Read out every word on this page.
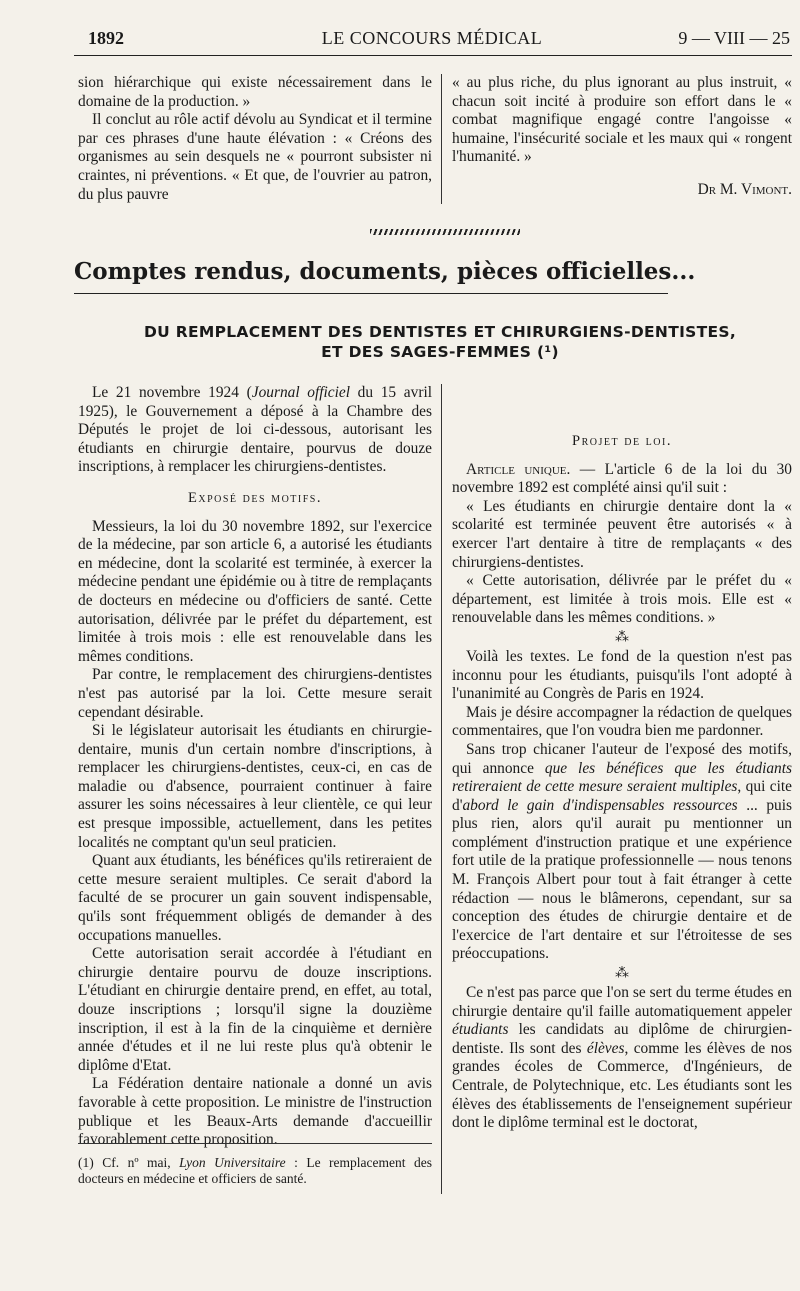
1892	LE CONCOURS MÉDICAL	9 — VIII — 25

sion hiérarchique qui existe nécessairement dans le domaine de la production. »

Il conclut au rôle actif dévolu au Syndicat et il termine par ces phrases d'une haute élévation : « Créons des organismes au sein desquels ne « pourront subsister ni craintes, ni préventions. « Et que, de l'ouvrier au patron, du plus pauvre

« au plus riche, du plus ignorant au plus instruit, « chacun soit incité à produire son effort dans le « combat magnifique engagé contre l'angoisse « humaine, l'insécurité sociale et les maux qui « rongent l'humanité. »

Dr M. Vimont.

Comptes rendus, documents, pièces officielles...
DU REMPLACEMENT DES DENTISTES ET CHIRURGIENS-DENTISTES,
ET DES SAGES-FEMMES (¹)

Le 21 novembre 1924 (Journal officiel du 15 avril 1925), le Gouvernement a déposé à la Chambre des Députés le projet de loi ci-dessous, autorisant les étudiants en chirurgie dentaire, pourvus de douze inscriptions, à remplacer les chirurgiens-dentistes.

Exposé des motifs.

Messieurs, la loi du 30 novembre 1892, sur l'exercice de la médecine, par son article 6, a autorisé les étudiants en médecine, dont la scolarité est terminée, à exercer la médecine pendant une épidémie ou à titre de remplaçants de docteurs en médecine ou d'officiers de santé. Cette autorisation, délivrée par le préfet du département, est limitée à trois mois : elle est renouvelable dans les mêmes conditions.

Par contre, le remplacement des chirurgiens-dentistes n'est pas autorisé par la loi. Cette mesure serait cependant désirable.

Si le législateur autorisait les étudiants en chirurgie-dentaire, munis d'un certain nombre d'inscriptions, à remplacer les chirurgiens-dentistes, ceux-ci, en cas de maladie ou d'absence, pourraient continuer à faire assurer les soins nécessaires à leur clientèle, ce qui leur est presque impossible, actuellement, dans les petites localités ne comptant qu'un seul praticien.

Quant aux étudiants, les bénéfices qu'ils retireraient de cette mesure seraient multiples. Ce serait d'abord la faculté de se procurer un gain souvent indispensable, qu'ils sont fréquemment obligés de demander à des occupations manuelles.

Cette autorisation serait accordée à l'étudiant en chirurgie dentaire pourvu de douze inscriptions. L'étudiant en chirurgie dentaire prend, en effet, au total, douze inscriptions ; lorsqu'il signe la douzième inscription, il est à la fin de la cinquième et dernière année d'études et il ne lui reste plus qu'à obtenir le diplôme d'Etat.

La Fédération dentaire nationale a donné un avis favorable à cette proposition. Le ministre de l'instruction publique et les Beaux-Arts demande d'accueillir favorablement cette proposition.

Projet de loi.

Article unique. — L'article 6 de la loi du 30 novembre 1892 est complété ainsi qu'il suit :

« Les étudiants en chirurgie dentaire dont la « scolarité est terminée peuvent être autorisés « à exercer l'art dentaire à titre de remplaçants « des chirurgiens-dentistes.

« Cette autorisation, délivrée par le préfet du « département, est limitée à trois mois. Elle est « renouvelable dans les mêmes conditions. »

⁂

Voilà les textes. Le fond de la question n'est pas inconnu pour les étudiants, puisqu'ils l'ont adopté à l'unanimité au Congrès de Paris en 1924.

Mais je désire accompagner la rédaction de quelques commentaires, que l'on voudra bien me pardonner.

Sans trop chicaner l'auteur de l'exposé des motifs, qui annonce que les bénéfices que les étudiants retireraient de cette mesure seraient multiples, qui cite d'abord le gain d'indispensables ressources ... puis plus rien, alors qu'il aurait pu mentionner un complément d'instruction pratique et une expérience fort utile de la pratique professionnelle — nous tenons M. François Albert pour tout à fait étranger à cette rédaction — nous le blâmerons, cependant, sur sa conception des études de chirurgie dentaire et de l'exercice de l'art dentaire et sur l'étroitesse de ses préoccupations.

⁂

Ce n'est pas parce que l'on se sert du terme études en chirurgie dentaire qu'il faille automatiquement appeler étudiants les candidats au diplôme de chirurgien-dentiste. Ils sont des élèves, comme les élèves de nos grandes écoles de Commerce, d'Ingénieurs, de Centrale, de Polytechnique, etc. Les étudiants sont les élèves des établissements de l'enseignement supérieur dont le diplôme terminal est le doctorat,

(1) Cf. nº mai, Lyon Universitaire : Le remplacement des docteurs en médecine et officiers de santé.
